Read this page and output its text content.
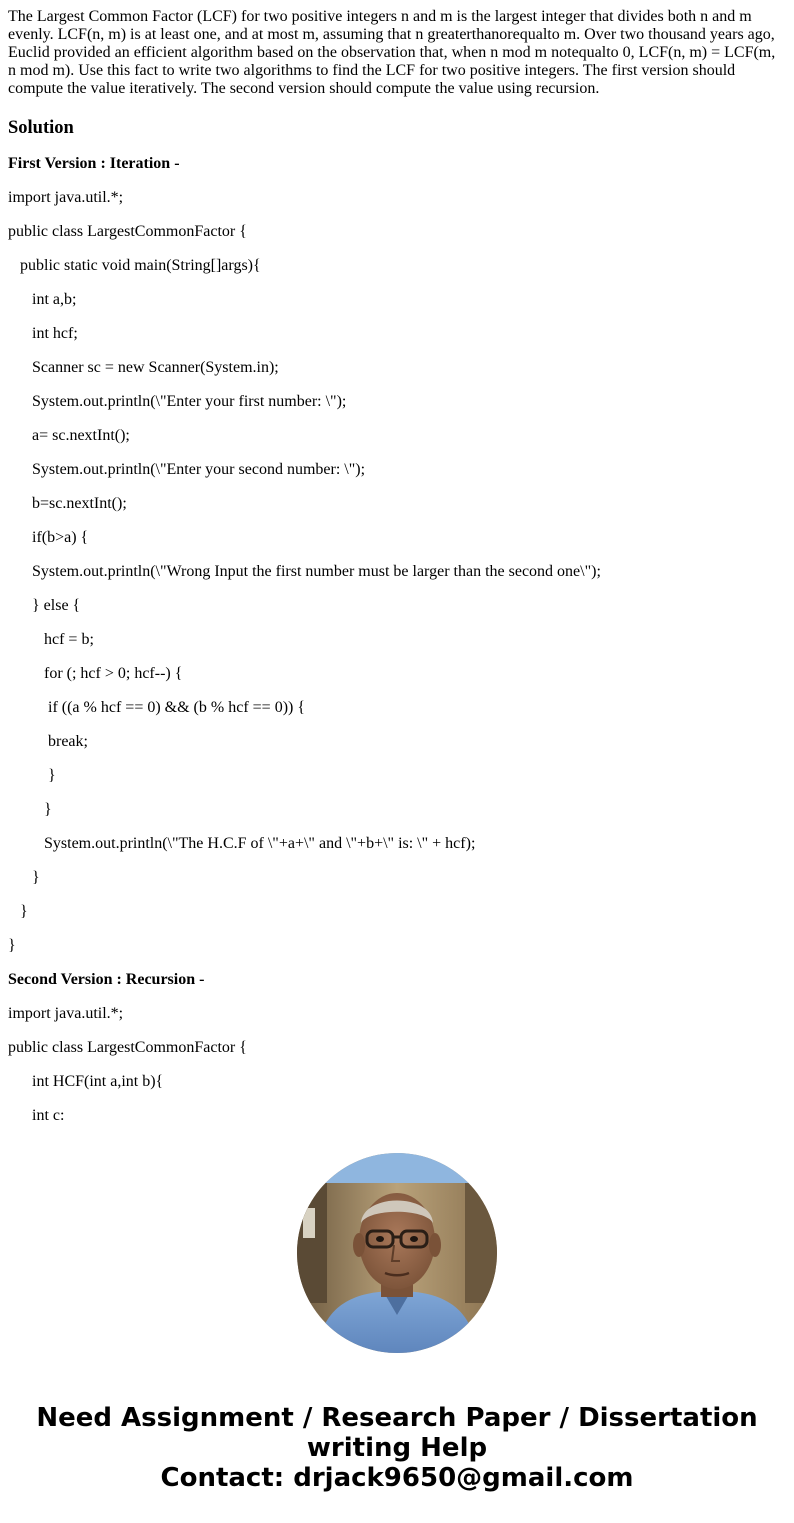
The Largest Common Factor (LCF) for two positive integers n and m is the largest integer that divides both n and m evenly. LCF(n, m) is at least one, and at most m, assuming that n greaterthanorequalto m. Over two thousand years ago, Euclid provided an efficient algorithm based on the observation that, when n mod m notequalto 0, LCF(n, m) = LCF(m, n mod m). Use this fact to write two algorithms to find the LCF for two positive integers. The first version should compute the value iteratively. The second version should compute the value using recursion.

Solution

First Version : Iteration -

import java.util.*;

public class LargestCommonFactor {

public static void main(String[]args){

int a,b;

int hcf;

Scanner sc = new Scanner(System.in);

System.out.println(\"Enter your first number: \");

a= sc.nextInt();

System.out.println(\"Enter your second number: \");

b=sc.nextInt();

if(b>a) {

System.out.println(\"Wrong Input the first number must be larger than the second one\");

} else {

hcf = b;

for (; hcf > 0; hcf--) {

if ((a % hcf == 0) && (b % hcf == 0)) {

break;

}

}

System.out.println(\"The H.C.F of \"+a+\" and \"+b+\" is: \" + hcf);

}

}

}

Second Version : Recursion -

import java.util.*;

public class LargestCommonFactor {

int HCF(int a,int b){

int c:

Need Assignment / Research Paper / Dissertation
writing Help
Contact: drjack9650@gmail.com
